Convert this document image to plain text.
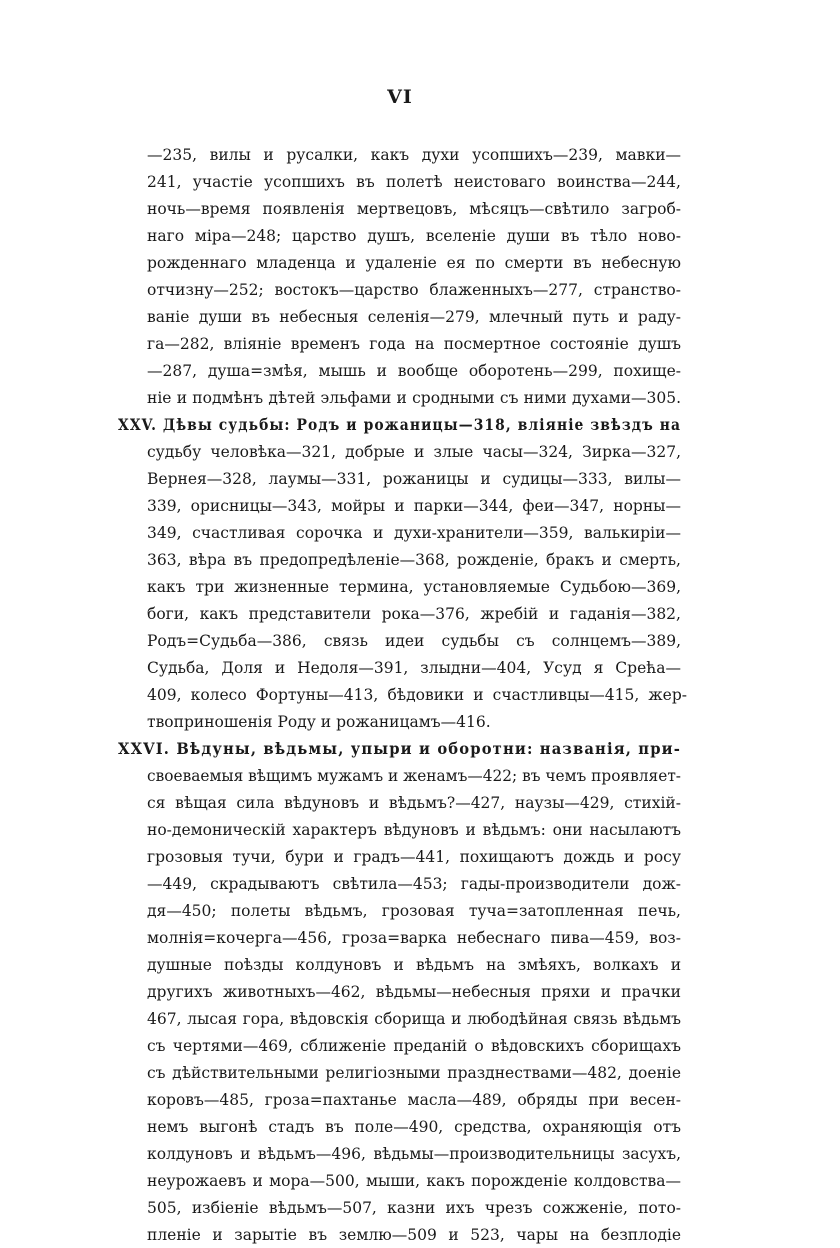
VI
—235, вилы и русалки, какъ духи усопшихъ—239, мавки—
241, участіе усопшихъ въ полетѣ неистоваго воинства—244,
ночь—время появленія мертвецовъ, мѣсяцъ—свѣтило загроб-
наго міра—248; царство душъ, вселеніе души въ тѣло ново-
рожденнаго младенца и удаленіе ея по смерти въ небесную
отчизну—252; востокъ—царство блаженныхъ—277, странство-
ваніе души въ небесныя селенія—279, млечный путь и раду-
га—282, вліяніе временъ года на посмертное состояніе душъ
—287, душа=змѣя, мышь и вообще оборотень—299, похище-
ніе и подмѣнъ дѣтей эльфами и сродными съ ними духами—305.
XXV. Дѣвы судьбы: Родъ и рожаницы—318, вліяніе звѣздъ на
судьбу человѣка—321, добрые и злые часы—324, Зирка—327,
Вернея—328, лаумы—331, рожаницы и судицы—333, вилы—
339, орисницы—343, мойры и парки—344, феи—347, норны—
349, счастливая сорочка и духи-хранители—359, валькиріи—
363, вѣра въ предопредѣленіе—368, рожденіе, бракъ и смерть,
какъ три жизненные термина, установляемые Судьбою—369,
боги, какъ представители рока—376, жребій и гаданія—382,
Родъ=Судьба—386, связь идеи судьбы съ солнцемъ—389,
Судьба, Доля и Недоля—391, злыдни—404, Усуд я Срећа—
409, колесо Фортуны—413, бѣдовики и счастливцы—415, жер-
твоприношенія Роду и рожаницамъ—416.
XXVI. Вѣдуны, вѣдьмы, упыри и оборотни: названія, при-
своеваемыя вѣщимъ мужамъ и женамъ—422; въ чемъ проявляет-
ся вѣщая сила вѣдуновъ и вѣдьмъ?—427, наузы—429, стихій-
но-демоническій характеръ вѣдуновъ и вѣдьмъ: они насылаютъ
грозовыя тучи, бури и градъ—441, похищаютъ дождь и росу
—449, скрадываютъ свѣтила—453; гады-производители дож-
дя—450; полеты вѣдьмъ, грозовая туча=затопленная печь,
молнія=кочерга—456, гроза=варка небеснаго пива—459, воз-
душные поѣзды колдуновъ и вѣдьмъ на змѣяхъ, волкахъ и
другихъ животныхъ—462, вѣдьмы—небесныя пряхи и прачки
467, лысая гора, вѣдовскія сборища и любодѣйная связь вѣдьмъ
съ чертями—469, сближеніе преданій о вѣдовскихъ сборищахъ
съ дѣйствительными религіозными празднествами—482, доеніе
коровъ—485, гроза=пахтанье масла—489, обряды при весен-
немъ выгонѣ стадъ въ поле—490, средства, охраняющія отъ
колдуновъ и вѣдьмъ—496, вѣдьмы—производительницы засухъ,
неурожаевъ и мора—500, мыши, какъ порожденіе колдовства—
505, избіеніе вѣдьмъ—507, казни ихъ чрезъ сожженіе, пото-
пленіе и зарытіе въ землю—509 и 523, чары на безплодіе
